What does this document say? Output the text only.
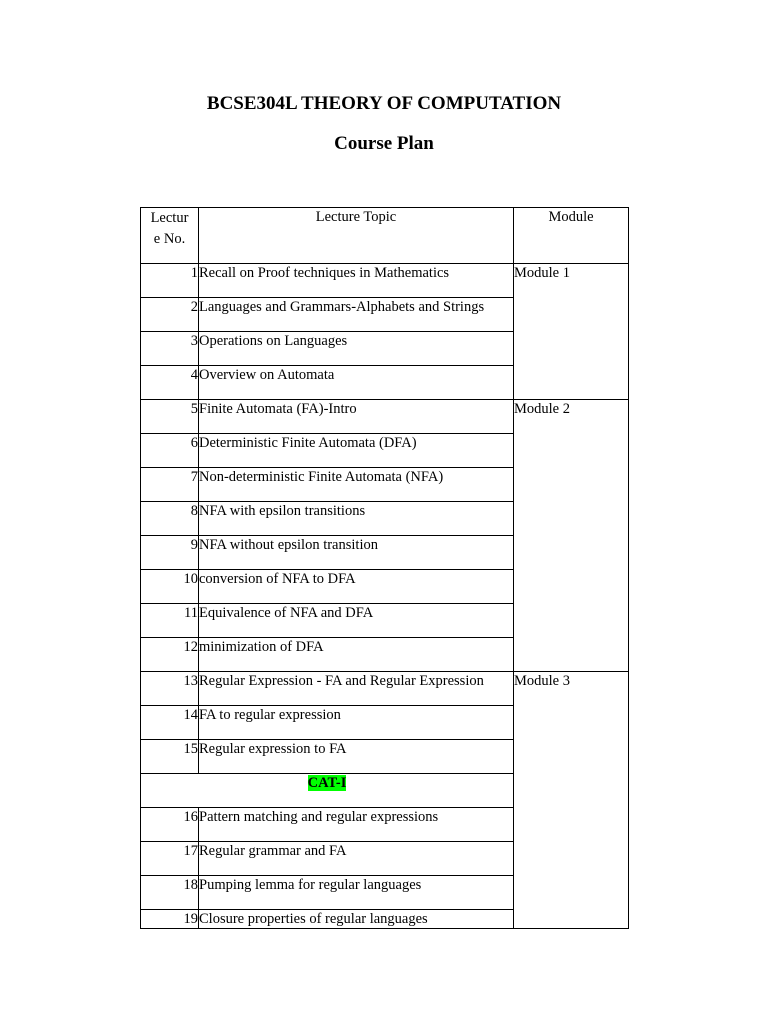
BCSE304L THEORY OF COMPUTATION
Course Plan
Lectur
e No.	Lecture Topic	Module
1	Recall on Proof techniques in Mathematics	Module 1
2	Languages and Grammars-Alphabets and Strings	
3	Operations on Languages	
4	Overview on Automata	
5	Finite Automata (FA)-Intro	Module 2
6	Deterministic Finite Automata (DFA)	
7	Non-deterministic Finite Automata (NFA)	
8	NFA with epsilon transitions	
9	NFA without epsilon transition	
10	conversion of NFA to DFA	
11	Equivalence of NFA and DFA	
12	minimization of DFA	
13	Regular Expression - FA and Regular Expression	Module 3
14	FA to regular expression	
15	Regular expression to FA	
CAT-I		
16	Pattern matching and regular expressions	
17	Regular grammar and FA	
18	Pumping lemma for regular languages	
19	Closure properties of regular languages	
